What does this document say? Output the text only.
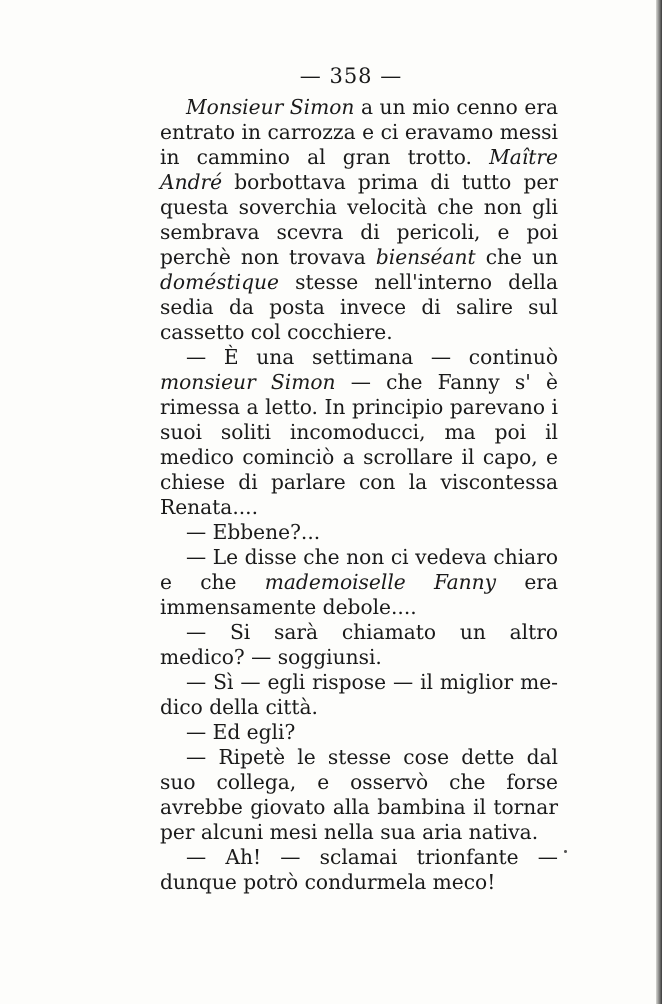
— 358 —

Monsieur Simon a un mio cenno era entrato in carrozza e ci eravamo messi in cammino al gran trotto. Maître André borbottava prima di tutto per questa soverchia velocità che non gli sembrava scevra di pericoli, e poi perchè non trovava bienséant che un doméstique stesse nell'interno della sedia da posta invece di salire sul cassetto col cocchiere.

— È una settimana — continuò monsieur Simon — che Fanny s' è rimessa a letto. In principio parevano i suoi soliti incomoducci, ma poi il medico cominciò a scrollare il capo, e chiese di parlare con la viscontessa Renata....

— Ebbene?...

— Le disse che non ci vedeva chiaro e che mademoiselle Fanny era immensamente debole....

— Si sarà chiamato un altro medico? — soggiunsi.

— Sì — egli rispose — il miglior medico della città.

— Ed egli?

— Ripetè le stesse cose dette dal suo collega, e osservò che forse avrebbe giovato alla bambina il tornar per alcuni mesi nella sua aria nativa.

— Ah! — sclamai trionfante — dunque potrò condurmela meco!
